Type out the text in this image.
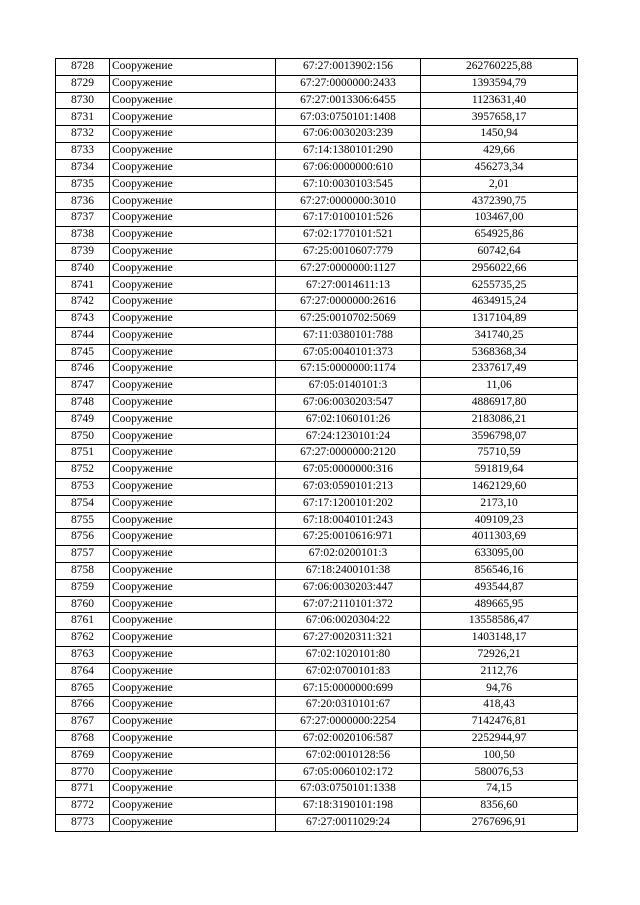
8728	Сооружение	67:27:0013902:156	262760225,88
8729	Сооружение	67:27:0000000:2433	1393594,79
8730	Сооружение	67:27:0013306:6455	1123631,40
8731	Сооружение	67:03:0750101:1408	3957658,17
8732	Сооружение	67:06:0030203:239	1450,94
8733	Сооружение	67:14:1380101:290	429,66
8734	Сооружение	67:06:0000000:610	456273,34
8735	Сооружение	67:10:0030103:545	2,01
8736	Сооружение	67:27:0000000:3010	4372390,75
8737	Сооружение	67:17:0100101:526	103467,00
8738	Сооружение	67:02:1770101:521	654925,86
8739	Сооружение	67:25:0010607:779	60742,64
8740	Сооружение	67:27:0000000:1127	2956022,66
8741	Сооружение	67:27:0014611:13	6255735,25
8742	Сооружение	67:27:0000000:2616	4634915,24
8743	Сооружение	67:25:0010702:5069	1317104,89
8744	Сооружение	67:11:0380101:788	341740,25
8745	Сооружение	67:05:0040101:373	5368368,34
8746	Сооружение	67:15:0000000:1174	2337617,49
8747	Сооружение	67:05:0140101:3	11,06
8748	Сооружение	67:06:0030203:547	4886917,80
8749	Сооружение	67:02:1060101:26	2183086,21
8750	Сооружение	67:24:1230101:24	3596798,07
8751	Сооружение	67:27:0000000:2120	75710,59
8752	Сооружение	67:05:0000000:316	591819,64
8753	Сооружение	67:03:0590101:213	1462129,60
8754	Сооружение	67:17:1200101:202	2173,10
8755	Сооружение	67:18:0040101:243	409109,23
8756	Сооружение	67:25:0010616:971	4011303,69
8757	Сооружение	67:02:0200101:3	633095,00
8758	Сооружение	67:18:2400101:38	856546,16
8759	Сооружение	67:06:0030203:447	493544,87
8760	Сооружение	67:07:2110101:372	489665,95
8761	Сооружение	67:06:0020304:22	13558586,47
8762	Сооружение	67:27:0020311:321	1403148,17
8763	Сооружение	67:02:1020101:80	72926,21
8764	Сооружение	67:02:0700101:83	2112,76
8765	Сооружение	67:15:0000000:699	94,76
8766	Сооружение	67:20:0310101:67	418,43
8767	Сооружение	67:27:0000000:2254	7142476,81
8768	Сооружение	67:02:0020106:587	2252944,97
8769	Сооружение	67:02:0010128:56	100,50
8770	Сооружение	67:05:0060102:172	580076,53
8771	Сооружение	67:03:0750101:1338	74,15
8772	Сооружение	67:18:3190101:198	8356,60
8773	Сооружение	67:27:0011029:24	2767696,91
